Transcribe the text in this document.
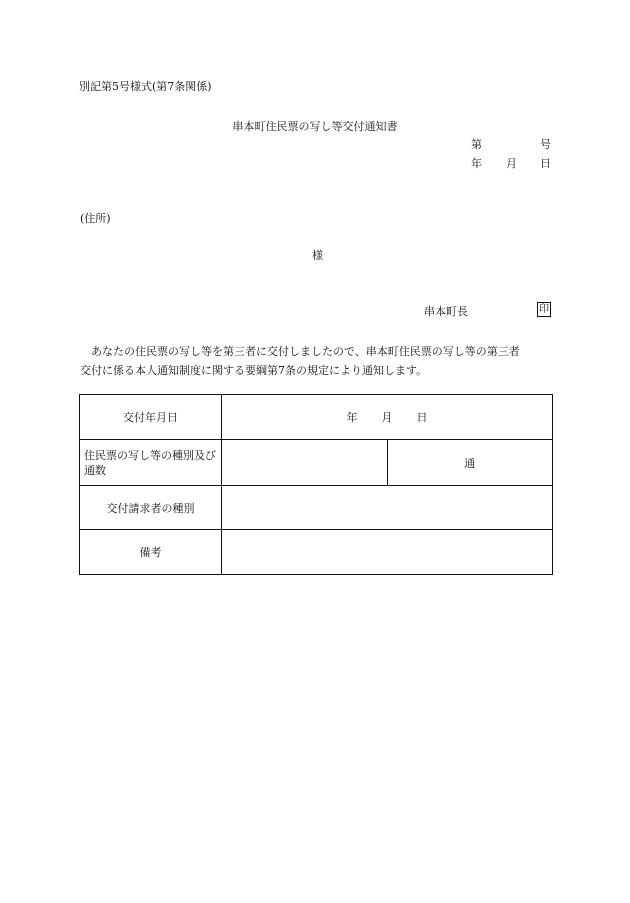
別記第5号様式(第7条関係)
串本町住民票の写し等交付通知書
第	号
年 月 日
(住所)
様
串本町長	印
あなたの住民票の写し等を第三者に交付しましたので、串本町住民票の写し等の第三者
交付に係る本人通知制度に関する要綱第7条の規定により通知します。
交付年月日	年 月 日	
住民票の写し等の種別及び通数		通
交付請求者の種別		
備考		
